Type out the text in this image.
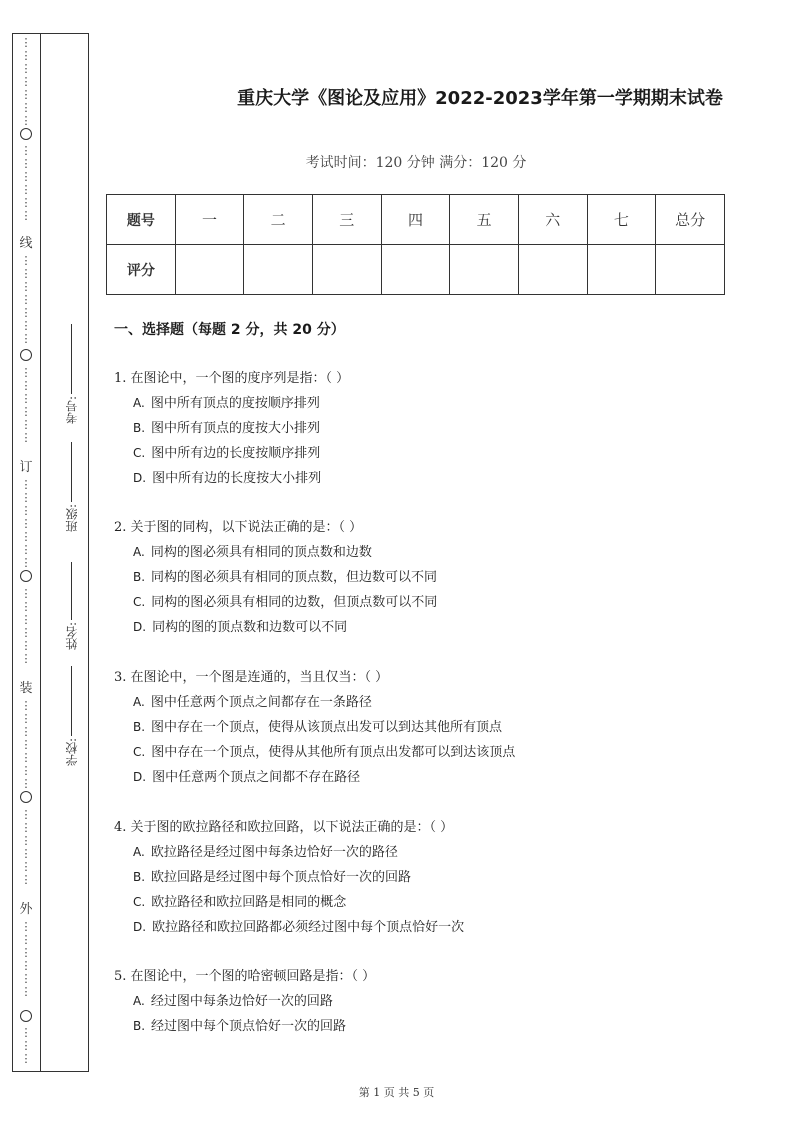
⋮
⋮
⋮
⋮
⋮
⋮
⋮
⋮
⋮
⋮
⋮
⋮
⋮
线
⋮
⋮
⋮
⋮
⋮
⋮
⋮
⋮
⋮
⋮
⋮
⋮
⋮
订
⋮
⋮
⋮
⋮
⋮
⋮
⋮
⋮
⋮
⋮
⋮
⋮
⋮
装
⋮
⋮
⋮
⋮
⋮
⋮
⋮
⋮
⋮
⋮
⋮
⋮
⋮
外
⋮
⋮
⋮
⋮
⋮
⋮
⋮
⋮
⋮
考号:
班级:
姓名:
学校:
重庆大学《图论及应用》2022-2023学年第一学期期末试卷
考试时间：120 分钟 满分：120 分
题号	一	二	三	四	五	六	七	总分
评分								
一、选择题（每题 2 分，共 20 分）
1. 在图论中，一个图的度序列是指：（ ）
A. 图中所有顶点的度按顺序排列
B. 图中所有顶点的度按大小排列
C. 图中所有边的长度按顺序排列
D. 图中所有边的长度按大小排列
2. 关于图的同构，以下说法正确的是：（ ）
A. 同构的图必须具有相同的顶点数和边数
B. 同构的图必须具有相同的顶点数，但边数可以不同
C. 同构的图必须具有相同的边数，但顶点数可以不同
D. 同构的图的顶点数和边数可以不同
3. 在图论中，一个图是连通的，当且仅当：（ ）
A. 图中任意两个顶点之间都存在一条路径
B. 图中存在一个顶点，使得从该顶点出发可以到达其他所有顶点
C. 图中存在一个顶点，使得从其他所有顶点出发都可以到达该顶点
D. 图中任意两个顶点之间都不存在路径
4. 关于图的欧拉路径和欧拉回路，以下说法正确的是：（ ）
A. 欧拉路径是经过图中每条边恰好一次的路径
B. 欧拉回路是经过图中每个顶点恰好一次的回路
C. 欧拉路径和欧拉回路是相同的概念
D. 欧拉路径和欧拉回路都必须经过图中每个顶点恰好一次
5. 在图论中，一个图的哈密顿回路是指：（ ）
A. 经过图中每条边恰好一次的回路
B. 经过图中每个顶点恰好一次的回路
第 1 页 共 5 页
